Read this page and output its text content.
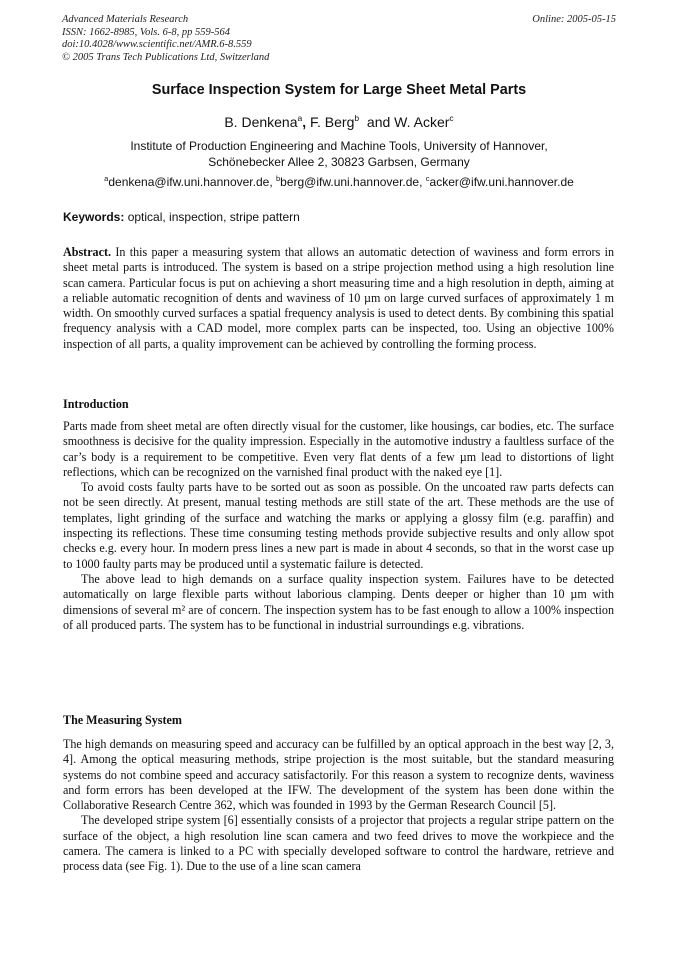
Advanced Materials Research
ISSN: 1662-8985, Vols. 6-8, pp 559-564
doi:10.4028/www.scientific.net/AMR.6-8.559
© 2005 Trans Tech Publications Ltd, Switzerland
Online: 2005-05-15
Surface Inspection System for Large Sheet Metal Parts
B. Denkena$^a$, F. Berg$^b$  and W. Acker$^c$
Institute of Production Engineering and Machine Tools, University of Hannover,
Schönebecker Allee 2, 30823 Garbsen, Germany
$^a$denkena@ifw.uni.hannover.de, $^b$berg@ifw.uni.hannover.de, $^c$acker@ifw.uni.hannover.de
Keywords: optical, inspection, stripe pattern

Abstract. In this paper a measuring system that allows an automatic detection of waviness and form errors in sheet metal parts is introduced. The system is based on a stripe projection method using a high resolution line scan camera. Particular focus is put on achieving a short measuring time and a high resolution in depth, aiming at a reliable automatic recognition of dents and waviness of 10 µm on large curved surfaces of approximately 1 m width. On smoothly curved surfaces a spatial frequency analysis is used to detect dents. By combining this spatial frequency analysis with a CAD model, more complex parts can be inspected, too. Using an objective 100% inspection of all parts, a quality improvement can be achieved by controlling the forming process.

Introduction

Parts made from sheet metal are often directly visual for the customer, like housings, car bodies, etc. The surface smoothness is decisive for the quality impression. Especially in the automotive industry a faultless surface of the car’s body is a requirement to be competitive. Even very flat dents of a few µm lead to distortions of light reflections, which can be recognized on the varnished final product with the naked eye [1].

To avoid costs faulty parts have to be sorted out as soon as possible. On the uncoated raw parts defects can not be seen directly. At present, manual testing methods are still state of the art. These methods are the use of templates, light grinding of the surface and watching the marks or applying a glossy film (e.g. paraffin) and inspecting its reflections. These time consuming testing methods provide subjective results and only allow spot checks e.g. every hour. In modern press lines a new part is made in about 4 seconds, so that in the worst case up to 1000 faulty parts may be produced until a systematic failure is detected.

The above lead to high demands on a surface quality inspection system. Failures have to be detected automatically on large flexible parts without laborious clamping. Dents deeper or higher than 10 µm with dimensions of several m² are of concern. The inspection system has to be fast enough to allow a 100% inspection of all produced parts. The system has to be functional in industrial surroundings e.g. vibrations.

The Measuring System

The high demands on measuring speed and accuracy can be fulfilled by an optical approach in the best way [2, 3, 4]. Among the optical measuring methods, stripe projection is the most suitable, but the standard measuring systems do not combine speed and accuracy satisfactorily. For this reason a system to recognize dents, waviness and form errors has been developed at the IFW. The development of the system has been done within the Collaborative Research Centre 362, which was founded in 1993 by the German Research Council [5].

The developed stripe system [6] essentially consists of a projector that projects a regular stripe pattern on the surface of the object, a high resolution line scan camera and two feed drives to move the workpiece and the camera. The camera is linked to a PC with specially developed software to control the hardware, retrieve and process data (see Fig. 1). Due to the use of a line scan camera
